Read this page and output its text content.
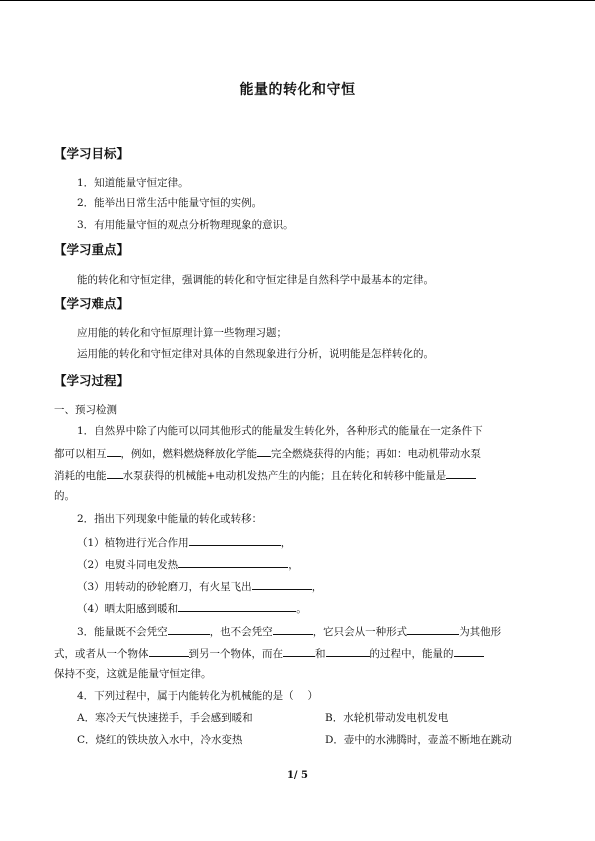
能量的转化和守恒
【学习目标】
1．知道能量守恒定律。
2．能举出日常生活中能量守恒的实例。
3．有用能量守恒的观点分析物理现象的意识。
【学习重点】
能的转化和守恒定律，强调能的转化和守恒定律是自然科学中最基本的定律。
【学习难点】
应用能的转化和守恒原理计算一些物理习题；
运用能的转化和守恒定律对具体的自然现象进行分析，说明能是怎样转化的。
【学习过程】
一、预习检测
1．自然界中除了内能可以同其他形式的能量发生转化外，各种形式的能量在一定条件下
都可以相互 ，例如，燃料燃烧释放化学能 完全燃烧获得的内能；再如：电动机带动水泵
消耗的电能 水泵获得的机械能+电动机发热产生的内能；且在转化和转移中能量是
的。
2．指出下列现象中能量的转化或转移：
（1）植物进行光合作用	，
（2）电熨斗同电发热	，
（3）用转动的砂轮磨刀，有火星飞出	，
（4）晒太阳感到暖和	。
3．能量既不会凭空	，也不会凭空	，它只会从一种形式	为其他形
式，或者从一个物体	到另一个物体，而在	和	的过程中，能量的
保持不变，这就是能量守恒定律。
4．下列过程中，属于内能转化为机械能的是（　 ）
A．寒冷天气快速搓手，手会感到暖和	B．水轮机带动发电机发电
C．烧红的铁块放入水中，冷水变热	D．壶中的水沸腾时，壶盖不断地在跳动
1/ 5
